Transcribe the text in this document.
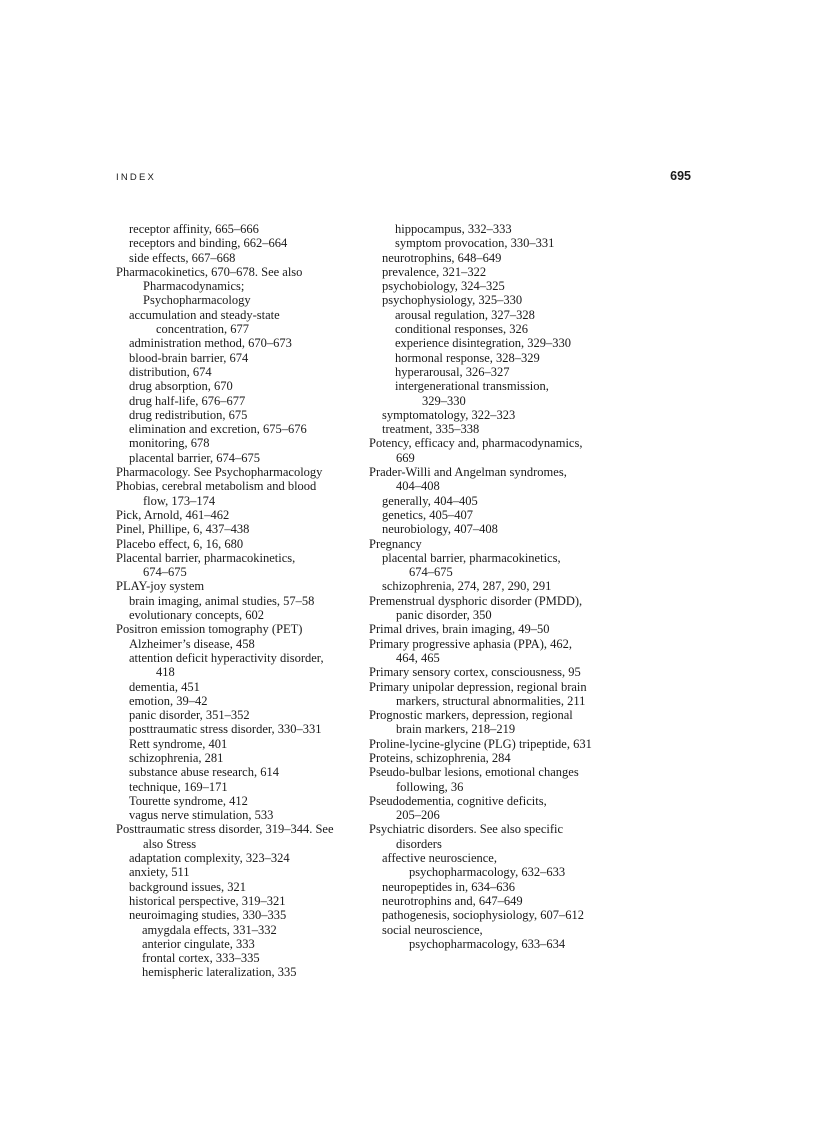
INDEX	695
receptor affinity, 665–666
receptors and binding, 662–664
side effects, 667–668
Pharmacokinetics, 670–678. See also
Pharmacodynamics;
Psychopharmacology
accumulation and steady-state
concentration, 677
administration method, 670–673
blood-brain barrier, 674
distribution, 674
drug absorption, 670
drug half-life, 676–677
drug redistribution, 675
elimination and excretion, 675–676
monitoring, 678
placental barrier, 674–675
Pharmacology. See Psychopharmacology
Phobias, cerebral metabolism and blood
flow, 173–174
Pick, Arnold, 461–462
Pinel, Phillipe, 6, 437–438
Placebo effect, 6, 16, 680
Placental barrier, pharmacokinetics,
674–675
PLAY-joy system
brain imaging, animal studies, 57–58
evolutionary concepts, 602
Positron emission tomography (PET)
Alzheimer’s disease, 458
attention deficit hyperactivity disorder,
418
dementia, 451
emotion, 39–42
panic disorder, 351–352
posttraumatic stress disorder, 330–331
Rett syndrome, 401
schizophrenia, 281
substance abuse research, 614
technique, 169–171
Tourette syndrome, 412
vagus nerve stimulation, 533
Posttraumatic stress disorder, 319–344. See
also Stress
adaptation complexity, 323–324
anxiety, 511
background issues, 321
historical perspective, 319–321
neuroimaging studies, 330–335
amygdala effects, 331–332
anterior cingulate, 333
frontal cortex, 333–335
hemispheric lateralization, 335
hippocampus, 332–333
symptom provocation, 330–331
neurotrophins, 648–649
prevalence, 321–322
psychobiology, 324–325
psychophysiology, 325–330
arousal regulation, 327–328
conditional responses, 326
experience disintegration, 329–330
hormonal response, 328–329
hyperarousal, 326–327
intergenerational transmission,
329–330
symptomatology, 322–323
treatment, 335–338
Potency, efficacy and, pharmacodynamics,
669
Prader-Willi and Angelman syndromes,
404–408
generally, 404–405
genetics, 405–407
neurobiology, 407–408
Pregnancy
placental barrier, pharmacokinetics,
674–675
schizophrenia, 274, 287, 290, 291
Premenstrual dysphoric disorder (PMDD),
panic disorder, 350
Primal drives, brain imaging, 49–50
Primary progressive aphasia (PPA), 462,
464, 465
Primary sensory cortex, consciousness, 95
Primary unipolar depression, regional brain
markers, structural abnormalities, 211
Prognostic markers, depression, regional
brain markers, 218–219
Proline-lycine-glycine (PLG) tripeptide, 631
Proteins, schizophrenia, 284
Pseudo-bulbar lesions, emotional changes
following, 36
Pseudodementia, cognitive deficits,
205–206
Psychiatric disorders. See also specific
disorders
affective neuroscience,
psychopharmacology, 632–633
neuropeptides in, 634–636
neurotrophins and, 647–649
pathogenesis, sociophysiology, 607–612
social neuroscience,
psychopharmacology, 633–634
